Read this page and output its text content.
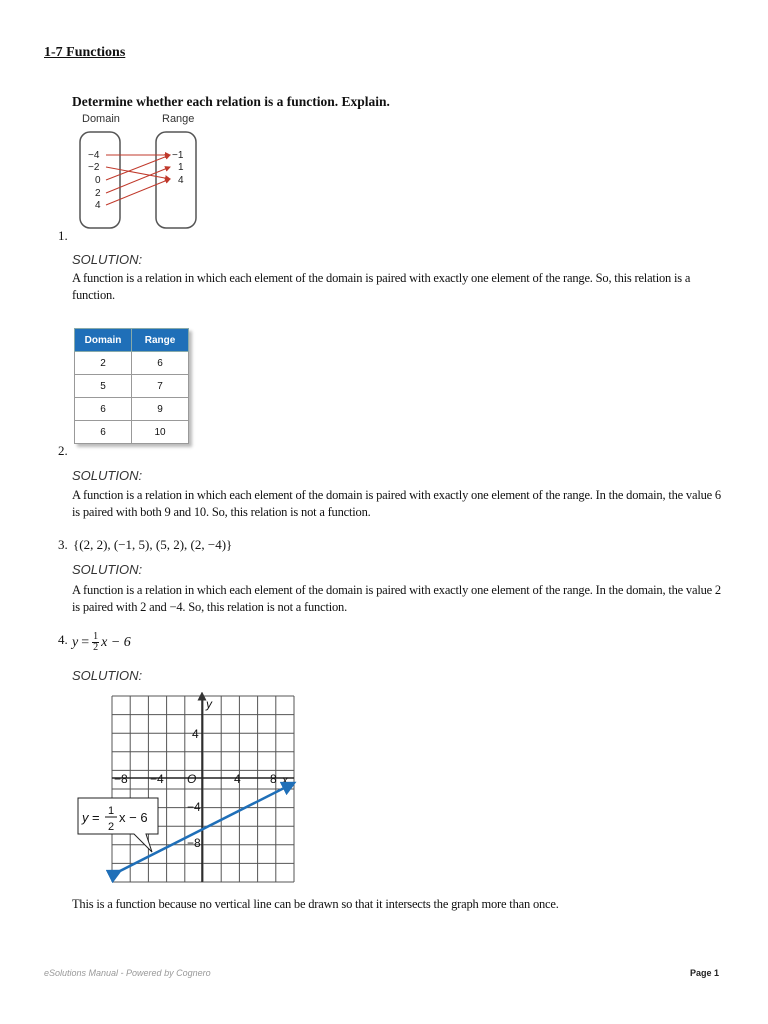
1-7 Functions
Determine whether each relation is a function. Explain.
Domain	Range
−4
−2
0
2
4
−1
1
4
1.
SOLUTION:
A function is a relation in which each element of the domain is paired with exactly one element of the range. So, this relation is a function.
Domain	Range
2	6
5	7
6	9
6	10
2.
SOLUTION:
A function is a relation in which each element of the domain is paired with exactly one element of the range. In the domain, the value 6 is paired with both 9 and 10. So, this relation is not a function.
3. {(2, 2), (−1, 5), (5, 2), (2, −4)}
SOLUTION:
A function is a relation in which each element of the domain is paired with exactly one element of the range. In the domain, the value 2 is paired with 2 and −4. So, this relation is not a function.
4. $y = \frac{1}{2}$ x − 6
SOLUTION:
y
x
O
−8 −4	4 8
4
−4
−8
y = 1
2
x − 6
This is a function because no vertical line can be drawn so that it intersects the graph more than once.
eSolutions Manual - Powered by Cognero	Page 1
